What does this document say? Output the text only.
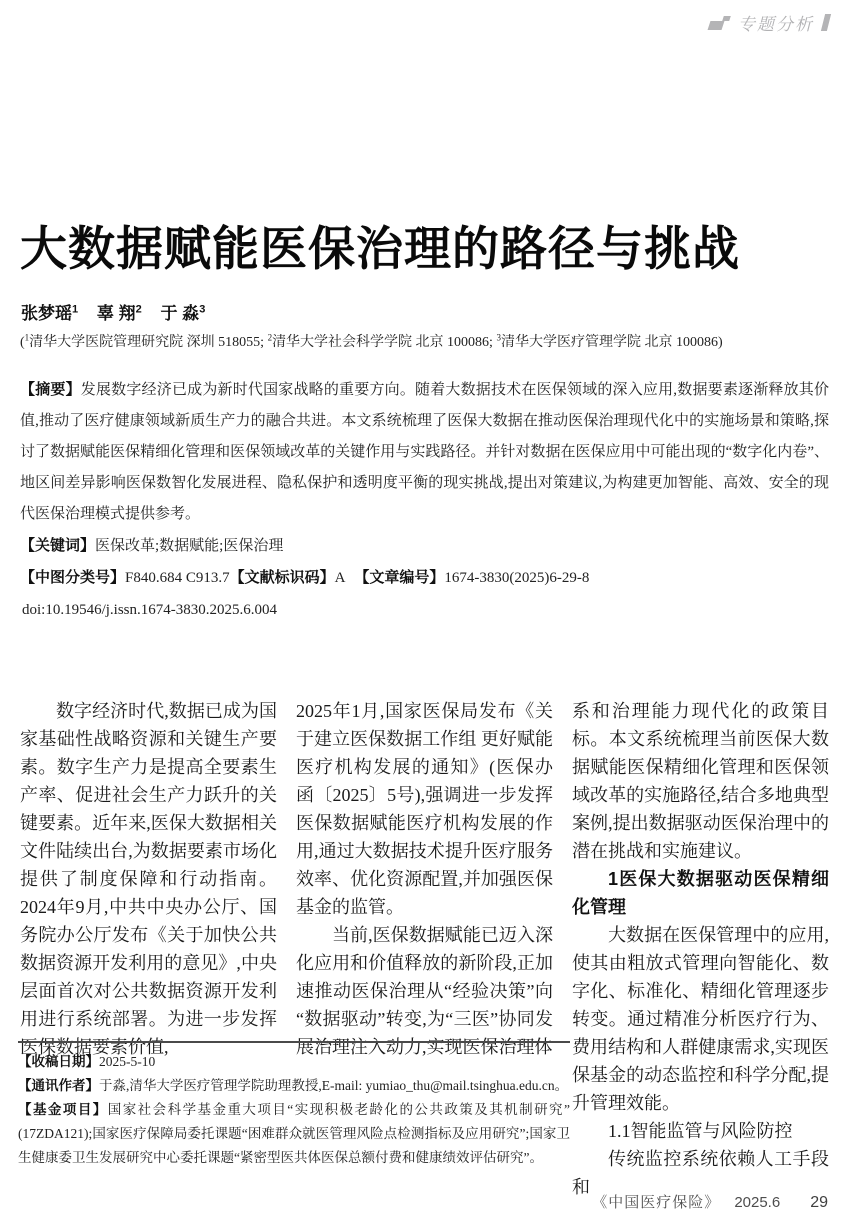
专题分析
大数据赋能医保治理的路径与挑战
张梦瑶$^1$ 辜 翔$^2$ 于 淼$^3$
($^1$清华大学医院管理研究院 深圳 518055; $^2$清华大学社会科学学院 北京 100086; $^3$清华大学医疗管理学院 北京 100086)

【摘要】发展数字经济已成为新时代国家战略的重要方向。随着大数据技术在医保领域的深入应用,数据要素逐渐释放其价值,推动了医疗健康领域新质生产力的融合共进。本文系统梳理了医保大数据在推动医保治理现代化中的实施场景和策略,探讨了数据赋能医保精细化管理和医保领域改革的关键作用与实践路径。并针对数据在医保应用中可能出现的“数字化内卷”、地区间差异影响医保数智化发展进程、隐私保护和透明度平衡的现实挑战,提出对策建议,为构建更加智能、高效、安全的现代医保治理模式提供参考。

【关键词】医保改革;数据赋能;医保治理
【中图分类号】F840.684 C913.7【文献标识码】A 【文章编号】1674-3830(2025)6-29-8
doi:10.19546/j.issn.1674-3830.2025.6.004

数字经济时代,数据已成为国家基础性战略资源和关键生产要素。数字生产力是提高全要素生产率、促进社会生产力跃升的关键要素。近年来,医保大数据相关文件陆续出台,为数据要素市场化提供了制度保障和行动指南。2024年9月,中共中央办公厅、国务院办公厅发布《关于加快公共数据资源开发利用的意见》,中央层面首次对公共数据资源开发利用进行系统部署。为进一步发挥医保数据要素价值,

2025年1月,国家医保局发布《关于建立医保数据工作组 更好赋能医疗机构发展的通知》(医保办函〔2025〕5号),强调进一步发挥医保数据赋能医疗机构发展的作用,通过大数据技术提升医疗服务效率、优化资源配置,并加强医保基金的监管。

当前,医保数据赋能已迈入深化应用和价值释放的新阶段,正加速推动医保治理从“经验决策”向“数据驱动”转变,为“三医”协同发展治理注入动力,实现医保治理体

系和治理能力现代化的政策目标。本文系统梳理当前医保大数据赋能医保精细化管理和医保领域改革的实施路径,结合多地典型案例,提出数据驱动医保治理中的潜在挑战和实施建议。

1医保大数据驱动医保精细化管理

大数据在医保管理中的应用,使其由粗放式管理向智能化、数字化、标准化、精细化管理逐步转变。通过精准分析医疗行为、费用结构和人群健康需求,实现医保基金的动态监控和科学分配,提升管理效能。

1.1智能监管与风险防控

传统监控系统依赖人工手段和

【收稿日期】2025-5-10

【通讯作者】于淼,清华大学医疗管理学院助理教授,E-mail: yumiao_thu@mail.tsinghua.edu.cn。

【基金项目】国家社会科学基金重大项目“实现积极老龄化的公共政策及其机制研究”(17ZDA121);国家医疗保障局委托课题“困难群众就医管理风险点检测指标及应用研究”;国家卫生健康委卫生发展研究中心委托课题“紧密型医共体医保总额付费和健康绩效评估研究”。

《中国医疗保险》 2025.6 29
